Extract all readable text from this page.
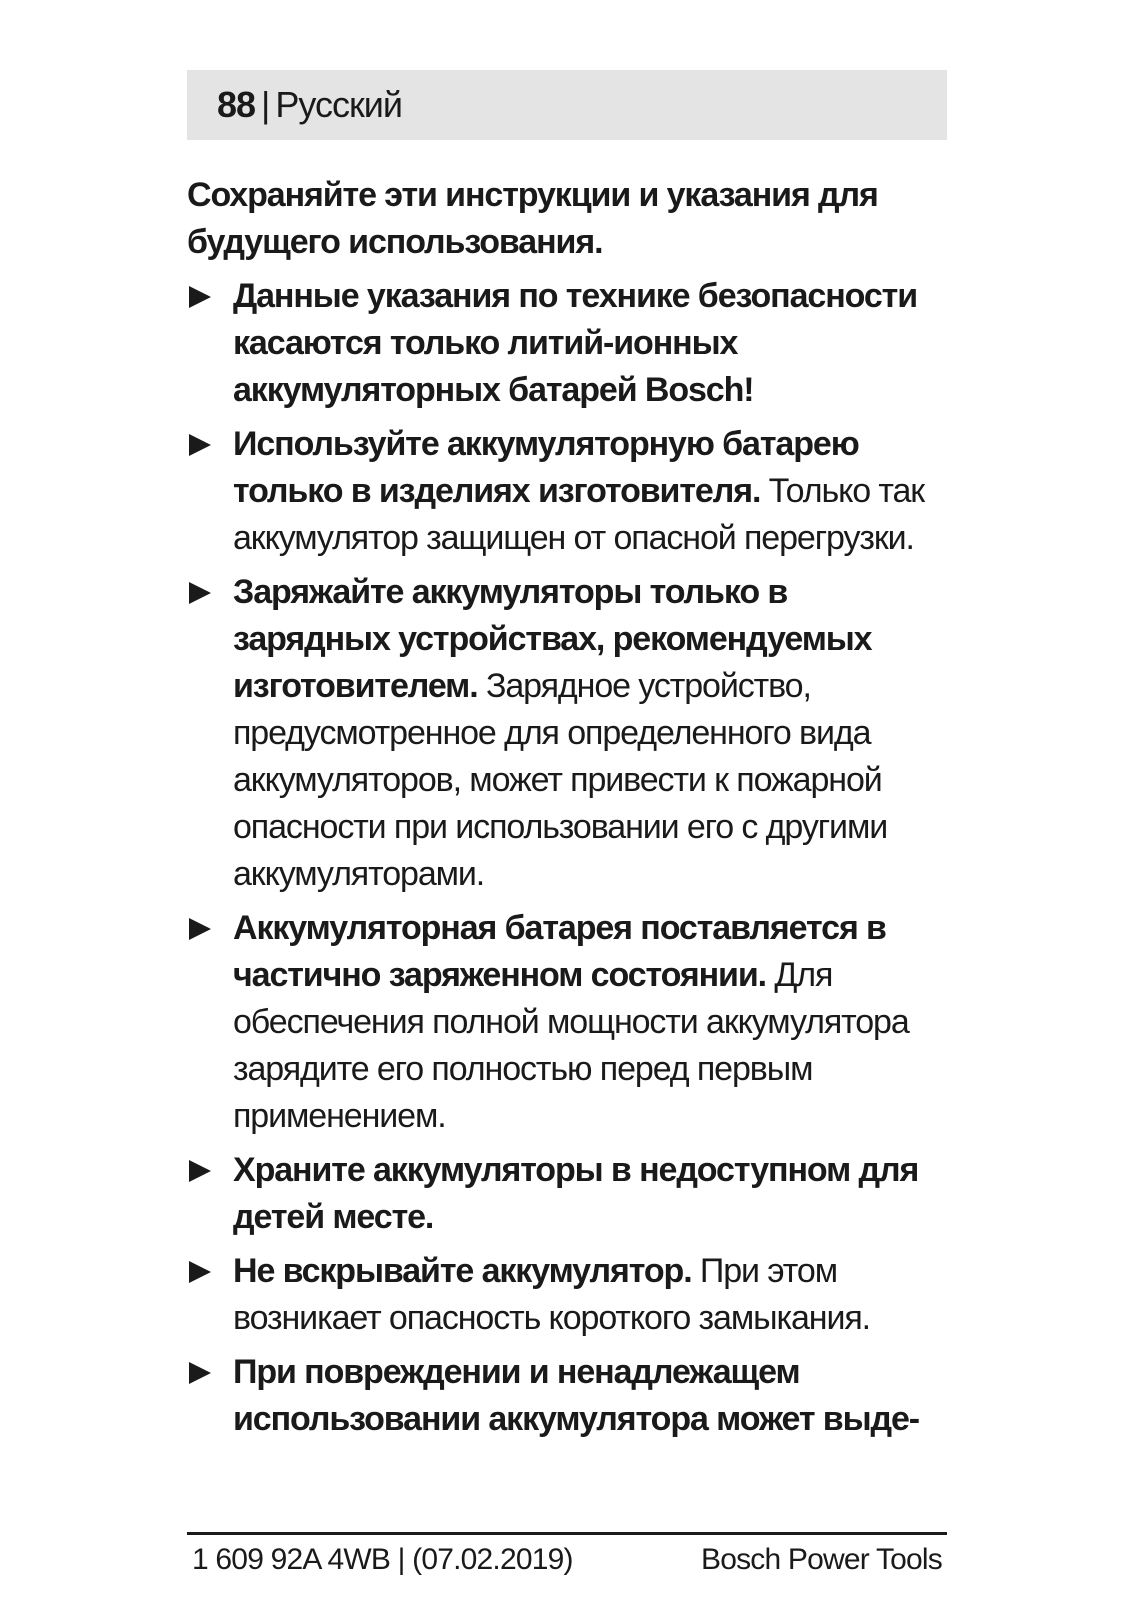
88 | Русский
Сохраняйте эти инструкции и указания для будущего использования.
Данные указания по технике безопасности касаются только литий-ионных аккумуляторных батарей Bosch!
Используйте аккумуляторную батарею только в изделиях изготовителя. Только так аккумулятор защищен от опасной перегрузки.
Заряжайте аккумуляторы только в зарядных устройствах, рекомендуемых изготовителем. Зарядное устройство, предусмотренное для определенного вида аккумуляторов, может привести к пожарной опасности при использовании его с другими аккумуляторами.
Аккумуляторная батарея поставляется в частично заряженном состоянии. Для обеспечения полной мощности аккумулятора зарядите его полностью перед первым применением.
Храните аккумуляторы в недоступном для детей месте.
Не вскрывайте аккумулятор. При этом возникает опасность короткого замыкания.
При повреждении и ненадлежащем использовании аккумулятора может выде-
1 609 92A 4WB | (07.02.2019)	Bosch Power Tools
